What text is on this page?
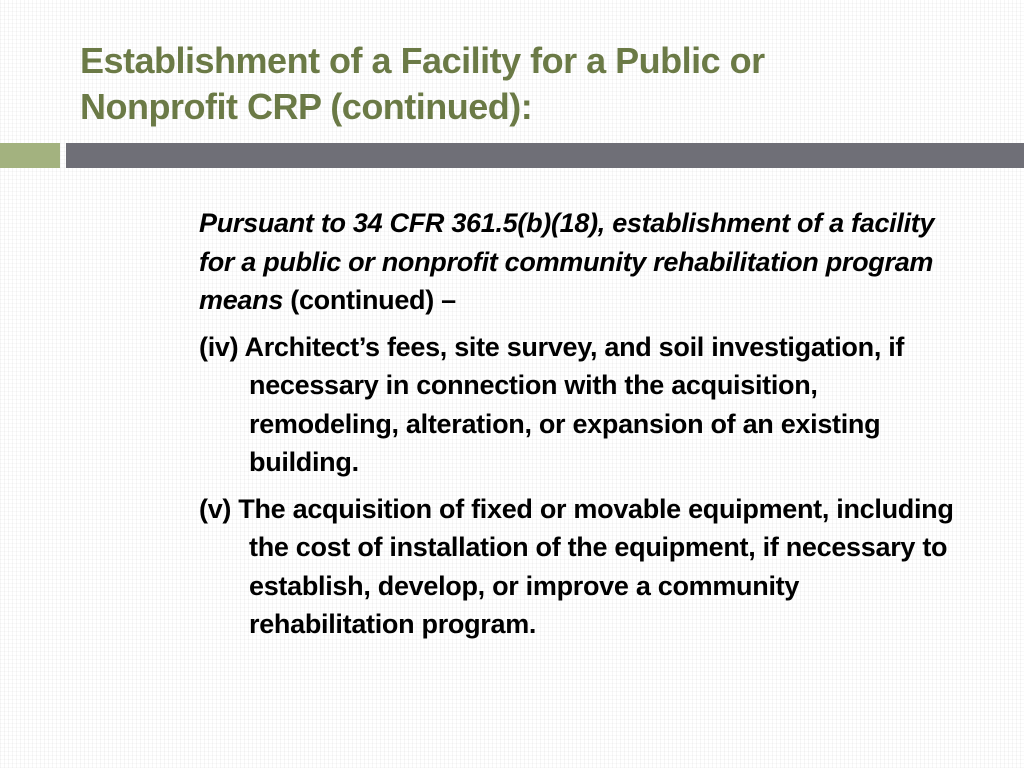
Establishment of a Facility for a Public or
Nonprofit CRP (continued):

Pursuant to 34 CFR 361.5(b)(18), establishment of a facility for a public or nonprofit community rehabilitation program means (continued) –

(iv) Architect’s fees, site survey, and soil investigation, if necessary in connection with the acquisition, remodeling, alteration, or expansion of an existing building.

(v) The acquisition of fixed or movable equipment, including the cost of installation of the equipment, if necessary to establish, develop, or improve a community rehabilitation program.
